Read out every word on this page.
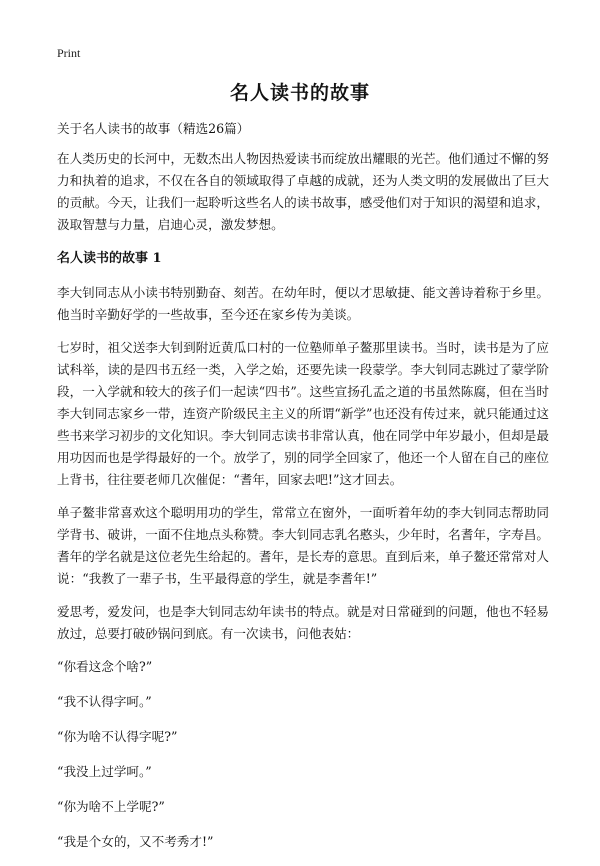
Print
名人读书的故事

关于名人读书的故事（精选26篇）

在人类历史的长河中，无数杰出人物因热爱读书而绽放出耀眼的光芒。他们通过不懈的努力和执着的追求，不仅在各自的领域取得了卓越的成就，还为人类文明的发展做出了巨大的贡献。今天，让我们一起聆听这些名人的读书故事，感受他们对于知识的渴望和追求，汲取智慧与力量，启迪心灵，激发梦想。

名人读书的故事 1

李大钊同志从小读书特别勤奋、刻苦。在幼年时，便以才思敏捷、能文善诗着称于乡里。他当时辛勤好学的一些故事，至今还在家乡传为美谈。

七岁时，祖父送李大钊到附近黄瓜口村的一位塾师单子鳌那里读书。当时，读书是为了应试科举，读的是四书五经一类，入学之始，还要先读一段蒙学。李大钊同志跳过了蒙学阶段，一入学就和较大的孩子们一起读“四书”。这些宣扬孔孟之道的书虽然陈腐，但在当时李大钊同志家乡一带，连资产阶级民主主义的所谓“新学”也还没有传过来，就只能通过这些书来学习初步的文化知识。李大钊同志读书非常认真，他在同学中年岁最小，但却是最用功因而也是学得最好的一个。放学了，别的同学全回家了，他还一个人留在自己的座位上背书，往往要老师几次催促：“耆年，回家去吧!”这才回去。

单子鳌非常喜欢这个聪明用功的学生，常常立在窗外，一面听着年幼的李大钊同志帮助同学背书、破讲，一面不住地点头称赞。李大钊同志乳名憨头，少年时，名耆年，字寿昌。耆年的学名就是这位老先生给起的。耆年，是长寿的意思。直到后来，单子鳌还常常对人说：“我教了一辈子书，生平最得意的学生，就是李耆年!”

爱思考，爱发问，也是李大钊同志幼年读书的特点。就是对日常碰到的问题，他也不轻易放过，总要打破砂锅问到底。有一次读书，问他表姑：

“你看这念个啥?”

“我不认得字呵。”

“你为啥不认得字呢?”

“我没上过学呵。”

“你为啥不上学呢?”

“我是个女的，又不考秀才!”
